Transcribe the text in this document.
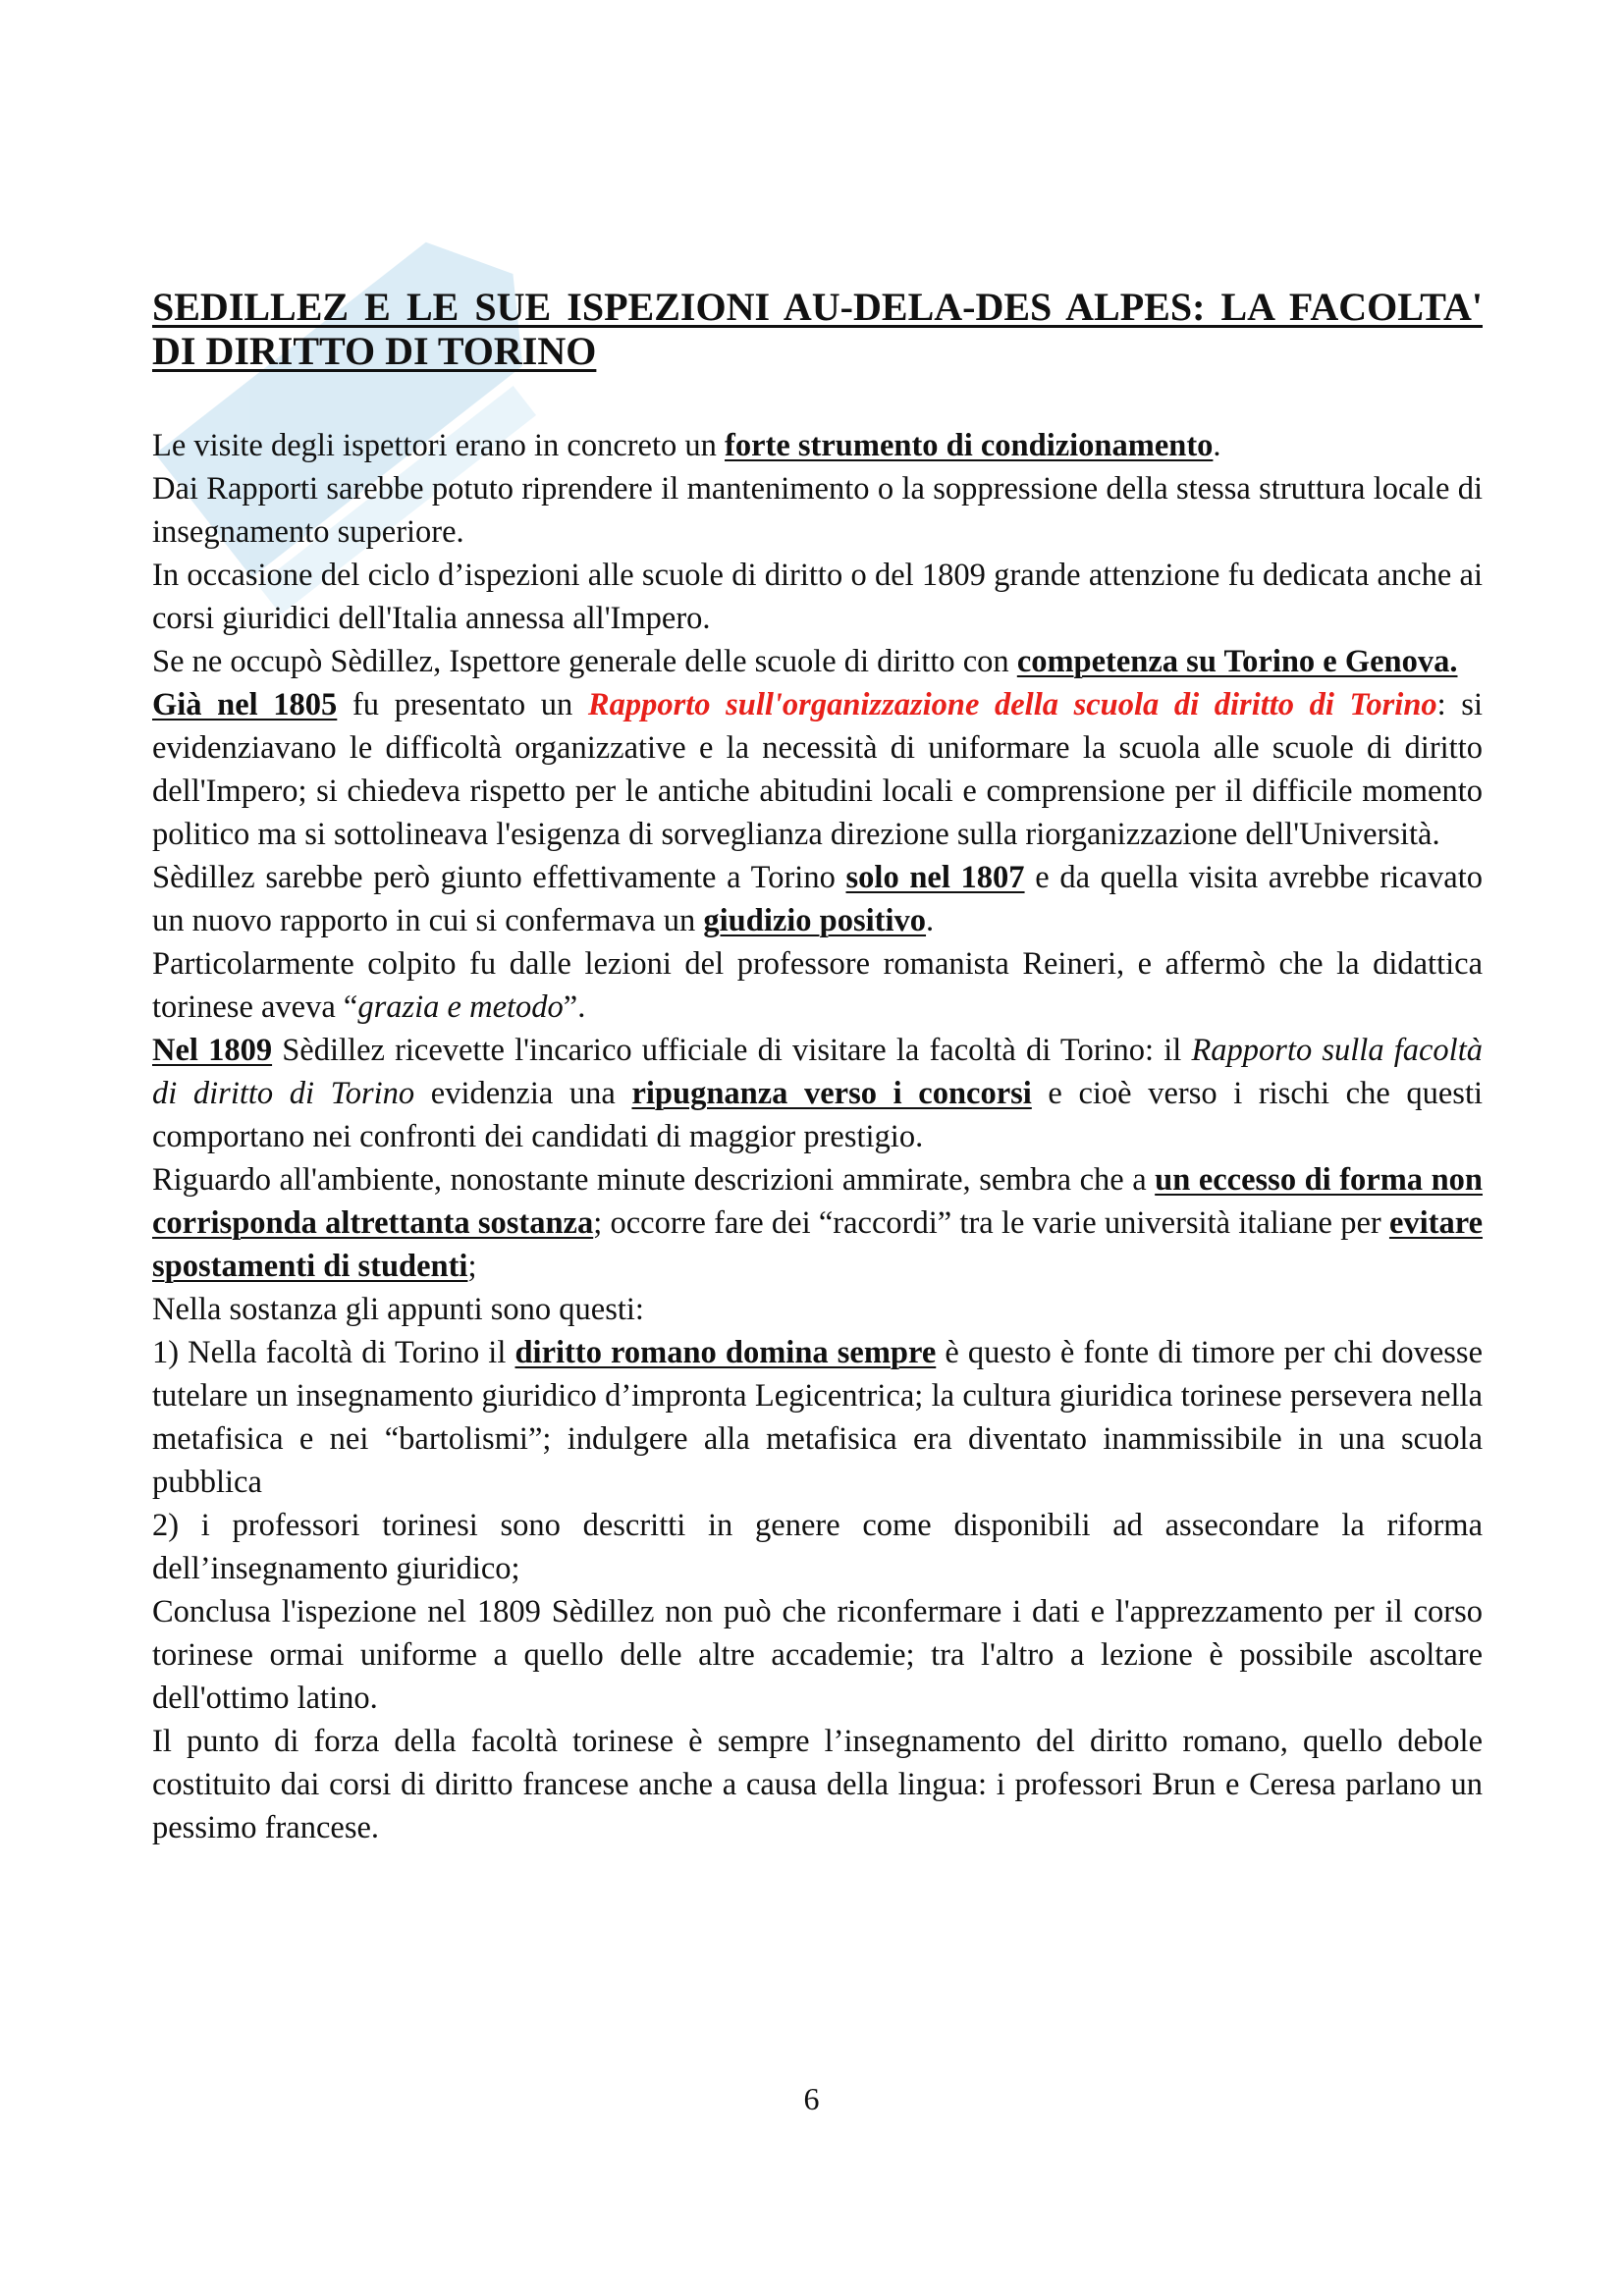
SEDILLEZ E LE SUE ISPEZIONI AU-DELA-DES ALPES: LA FACOLTA' DI DIRITTO DI TORINO

Le visite degli ispettori erano in concreto un forte strumento di condizionamento.

Dai Rapporti sarebbe potuto riprendere il mantenimento o la soppressione della stessa struttura locale di insegnamento superiore.

In occasione del ciclo d’ispezioni alle scuole di diritto o del 1809 grande attenzione fu dedicata anche ai corsi giuridici dell'Italia annessa all'Impero.

Se ne occupò Sèdillez, Ispettore generale delle scuole di diritto con competenza su Torino e Genova.

Già nel 1805 fu presentato un Rapporto sull'organizzazione della scuola di diritto di Torino: si evidenziavano le difficoltà organizzative e la necessità di uniformare la scuola alle scuole di diritto dell'Impero; si chiedeva rispetto per le antiche abitudini locali e comprensione per il difficile momento politico ma si sottolineava l'esigenza di sorveglianza direzione sulla riorganizzazione dell'Università.

Sèdillez sarebbe però giunto effettivamente a Torino solo nel 1807 e da quella visita avrebbe ricavato un nuovo rapporto in cui si confermava un giudizio positivo.

Particolarmente colpito fu dalle lezioni del professore romanista Reineri, e affermò che la didattica torinese aveva “grazia e metodo”.

Nel 1809 Sèdillez ricevette l'incarico ufficiale di visitare la facoltà di Torino: il Rapporto sulla facoltà di diritto di Torino evidenzia una ripugnanza verso i concorsi e cioè verso i rischi che questi comportano nei confronti dei candidati di maggior prestigio.

Riguardo all'ambiente, nonostante minute descrizioni ammirate, sembra che a un eccesso di forma non corrisponda altrettanta sostanza; occorre fare dei “raccordi” tra le varie università italiane per evitare spostamenti di studenti;

Nella sostanza gli appunti sono questi:

1) Nella facoltà di Torino il diritto romano domina sempre è questo è fonte di timore per chi dovesse tutelare un insegnamento giuridico d’impronta Legicentrica; la cultura giuridica torinese persevera nella metafisica e nei “bartolismi”; indulgere alla metafisica era diventato inammissibile in una scuola pubblica

2) i professori torinesi sono descritti in genere come disponibili ad assecondare la riforma dell’insegnamento giuridico;

Conclusa l'ispezione nel 1809 Sèdillez non può che riconfermare i dati e l'apprezzamento per il corso torinese ormai uniforme a quello delle altre accademie; tra l'altro a lezione è possibile ascoltare dell'ottimo latino.

Il punto di forza della facoltà torinese è sempre l’insegnamento del diritto romano, quello debole costituito dai corsi di diritto francese anche a causa della lingua: i professori Brun e Ceresa parlano un pessimo francese.

6
